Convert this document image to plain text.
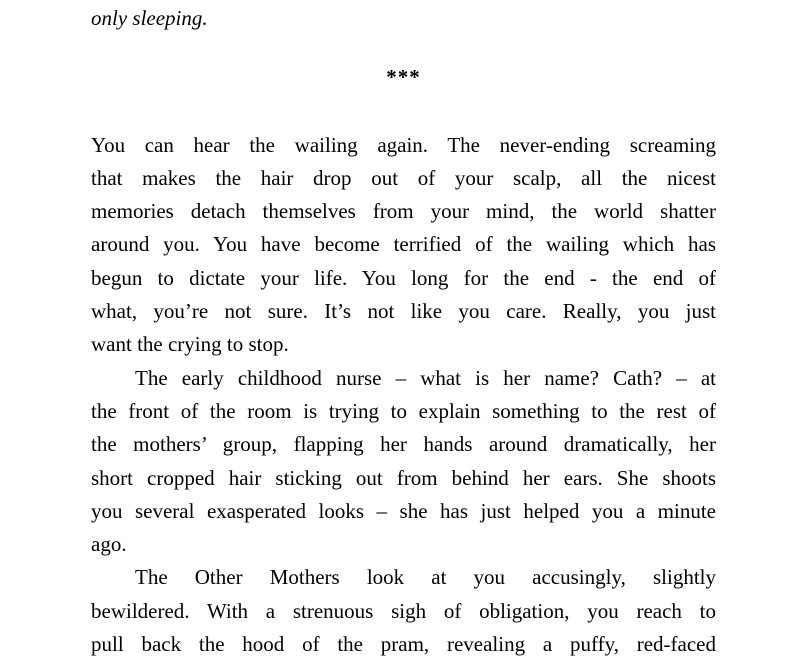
only sleeping.
***
You can hear the wailing again. The never-ending screaming
that makes the hair drop out of your scalp, all the nicest
memories detach themselves from your mind, the world shatter
around you. You have become terrified of the wailing which has
begun to dictate your life. You long for the end - the end of
what, you’re not sure. It’s not like you care. Really, you just
want the crying to stop.
The early childhood nurse – what is her name? Cath? – at
the front of the room is trying to explain something to the rest of
the mothers’ group, flapping her hands around dramatically, her
short cropped hair sticking out from behind her ears. She shoots
you several exasperated looks – she has just helped you a minute
ago.
The Other Mothers look at you accusingly, slightly
bewildered. With a strenuous sigh of obligation, you reach to
pull back the hood of the pram, revealing a puffy, red-faced
